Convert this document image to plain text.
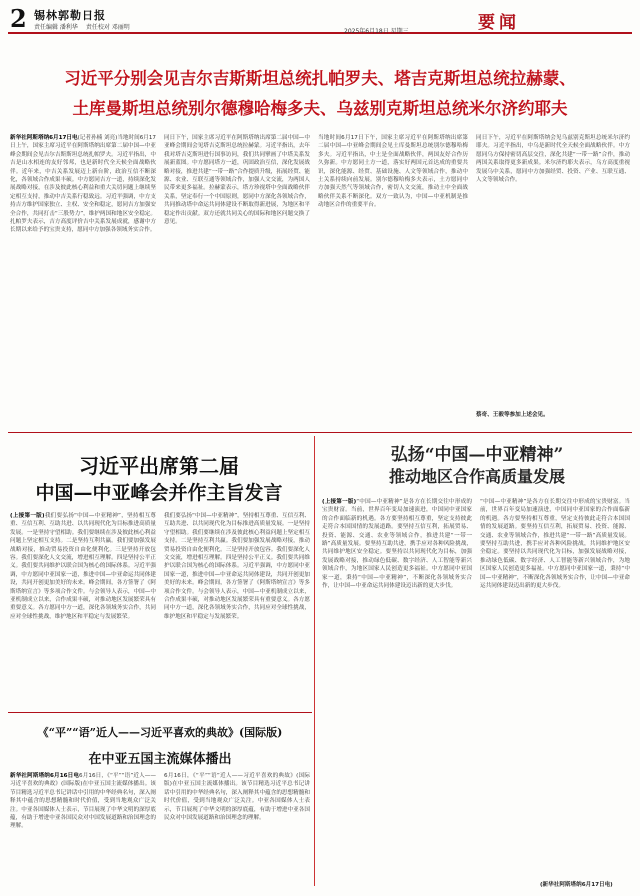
2 锡林郭勒日报
责任编辑 潘利华 责任校对 邓丽明
2025年6月18日 星期三	要闻
习近平分别会见吉尔吉斯斯坦总统扎帕罗夫、塔吉克斯坦总统拉赫蒙、
土库曼斯坦总统别尔德穆哈梅多夫、乌兹别克斯坦总统米尔济约耶夫
新华社阿斯塔纳6月17日电(记者孙楠 刘亮)当地时间6月17日上午，国家主席习近平在阿斯塔纳出席第二届中国—中亚峰会期间会见吉尔吉斯斯坦总统扎帕罗夫。习近平指出，中吉是山水相连的友好邻邦，也是新时代全天候全面战略伙伴。近年来，中吉关系发展迈上新台阶，政治互信不断深化，各领域合作成果丰硕。中方愿同吉方一道，持续深化发展战略对接，在涉及彼此核心利益和重大关切问题上继续坚定相互支持，推动中吉关系行稳致远。习近平强调，中方支持吉方维护国家独立、主权、安全和稳定，愿同吉方加强安全合作，共同打击“三股势力”，维护两国和地区安全稳定。扎帕罗夫表示，吉方高度评价吉中关系发展成就，感谢中方长期以来给予的宝贵支持，愿同中方加强各领域务实合作。
同日下午，国家主席习近平在阿斯塔纳出席第二届中国—中亚峰会期间会见塔吉克斯坦总统拉赫蒙。习近平指出，去年我对塔吉克斯坦进行国事访问，我们共同擘画了中塔关系发展新蓝图。中方愿同塔方一道，巩固政治互信，深化发展战略对接，推进共建“一带一路”合作提质升级，拓展经贸、能源、农业、互联互通等领域合作，加强人文交流，为两国人民带来更多福祉。拉赫蒙表示，塔方珍视塔中全面战略伙伴关系，坚定奉行一个中国原则，愿同中方深化各领域合作，共同推动塔中命运共同体建设不断取得新进展，为地区和平稳定作出贡献。双方还就共同关心的国际和地区问题交换了意见。
当地时间6月17日下午，国家主席习近平在阿斯塔纳出席第二届中国—中亚峰会期间会见土库曼斯坦总统别尔德穆哈梅多夫。习近平指出，中土是全面战略伙伴，两国友好合作历久弥新。中方愿同土方一道，落实好两国元首达成的重要共识，深化能源、经贸、基础设施、人文等领域合作，推动中土关系持续向前发展。别尔德穆哈梅多夫表示，土方愿同中方加强天然气等领域合作，密切人文交流，推动土中全面战略伙伴关系不断深化。双方一致认为，中国—中亚机制是推动地区合作的重要平台。
同日下午，习近平在阿斯塔纳会见乌兹别克斯坦总统米尔济约耶夫。习近平指出，中乌是新时代全天候全面战略伙伴。中方愿同乌方保持密切高层交往，深化共建“一带一路”合作，推动两国关系取得更多新成果。米尔济约耶夫表示，乌方高度重视发展乌中关系，愿同中方加强经贸、投资、产业、互联互通、人文等领域合作。
蔡奇、王毅等参加上述会见。
习近平出席第二届
中国—中亚峰会并作主旨发言
(上接第一版)我们要弘扬“中国—中亚精神”，坚持相互尊重、互信互利、互助共进、以共同现代化为目标推进高质量发展。一是坚持守望相助。我们要继续在涉及彼此核心利益问题上坚定相互支持。二是坚持互利共赢。我们要加强发展战略对接，推动贸易投资自由化便利化。三是坚持开放包容。我们要深化人文交流，增进相互理解。四是坚持公平正义。我们要共同维护以联合国为核心的国际体系。习近平强调，中方愿同中亚国家一道，推进中国—中亚命运共同体建设，共同开创更加美好的未来。峰会期间，各方签署了《阿斯塔纳宣言》等多项合作文件。与会领导人表示，中国—中亚机制成立以来，合作成果丰硕，对推动地区发展繁荣具有重要意义。各方愿同中方一道，深化各领域务实合作，共同应对全球性挑战，维护地区和平稳定与发展繁荣。
我们要弘扬“中国—中亚精神”，坚持相互尊重、互信互利、互助共进、以共同现代化为目标推进高质量发展。一是坚持守望相助。我们要继续在涉及彼此核心利益问题上坚定相互支持。二是坚持互利共赢。我们要加强发展战略对接，推动贸易投资自由化便利化。三是坚持开放包容。我们要深化人文交流，增进相互理解。四是坚持公平正义。我们要共同维护以联合国为核心的国际体系。习近平强调，中方愿同中亚国家一道，推进中国—中亚命运共同体建设，共同开创更加美好的未来。峰会期间，各方签署了《阿斯塔纳宣言》等多项合作文件。与会领导人表示，中国—中亚机制成立以来，合作成果丰硕，对推动地区发展繁荣具有重要意义。各方愿同中方一道，深化各领域务实合作，共同应对全球性挑战，维护地区和平稳定与发展繁荣。
弘扬“中国—中亚精神”
推动地区合作高质量发展
(上接第一版)“中国—中亚精神”是各方在长期交往中形成的宝贵财富。当前，世界百年变局加速演进，中国同中亚国家的合作面临新的机遇。各方要坚持相互尊重，坚定支持彼此走符合本国国情的发展道路。要坚持互信互利，拓展贸易、投资、能源、交通、农业等领域合作，推进共建“一带一路”高质量发展。要坚持互助共进，携手应对各种风险挑战，共同维护地区安全稳定。要坚持以共同现代化为目标，加强发展战略对接，推动绿色低碳、数字经济、人工智能等新兴领域合作，为地区国家人民创造更多福祉。中方愿同中亚国家一道，秉持“中国—中亚精神”，不断深化各领域务实合作，让中国—中亚命运共同体建设迈出新的更大步伐。
“中国—中亚精神”是各方在长期交往中形成的宝贵财富。当前，世界百年变局加速演进，中国同中亚国家的合作面临新的机遇。各方要坚持相互尊重，坚定支持彼此走符合本国国情的发展道路。要坚持互信互利，拓展贸易、投资、能源、交通、农业等领域合作，推进共建“一带一路”高质量发展。要坚持互助共进，携手应对各种风险挑战，共同维护地区安全稳定。要坚持以共同现代化为目标，加强发展战略对接，推动绿色低碳、数字经济、人工智能等新兴领域合作，为地区国家人民创造更多福祉。中方愿同中亚国家一道，秉持“中国—中亚精神”，不断深化各领域务实合作，让中国—中亚命运共同体建设迈出新的更大步伐。
(新华社阿斯塔纳6月17日电)
《“平”“语”近人——习近平喜欢的典故》(国际版)
在中亚五国主流媒体播出
新华社阿斯塔纳6月16日电6月16日，《“平”“语”近人——习近平喜欢的典故》(国际版)在中亚五国主流媒体播出。该节目精选习近平总书记讲话中引用的中华经典名句，深入阐释其中蕴含的思想精髓和时代价值，受到当地观众广泛关注。中亚各国媒体人士表示，节目展现了中华文明的深厚底蕴，有助于增进中亚各国民众对中国发展道路和治国理念的理解。
6月16日，《“平”“语”近人——习近平喜欢的典故》(国际版)在中亚五国主流媒体播出。该节目精选习近平总书记讲话中引用的中华经典名句，深入阐释其中蕴含的思想精髓和时代价值，受到当地观众广泛关注。中亚各国媒体人士表示，节目展现了中华文明的深厚底蕴，有助于增进中亚各国民众对中国发展道路和治国理念的理解。
